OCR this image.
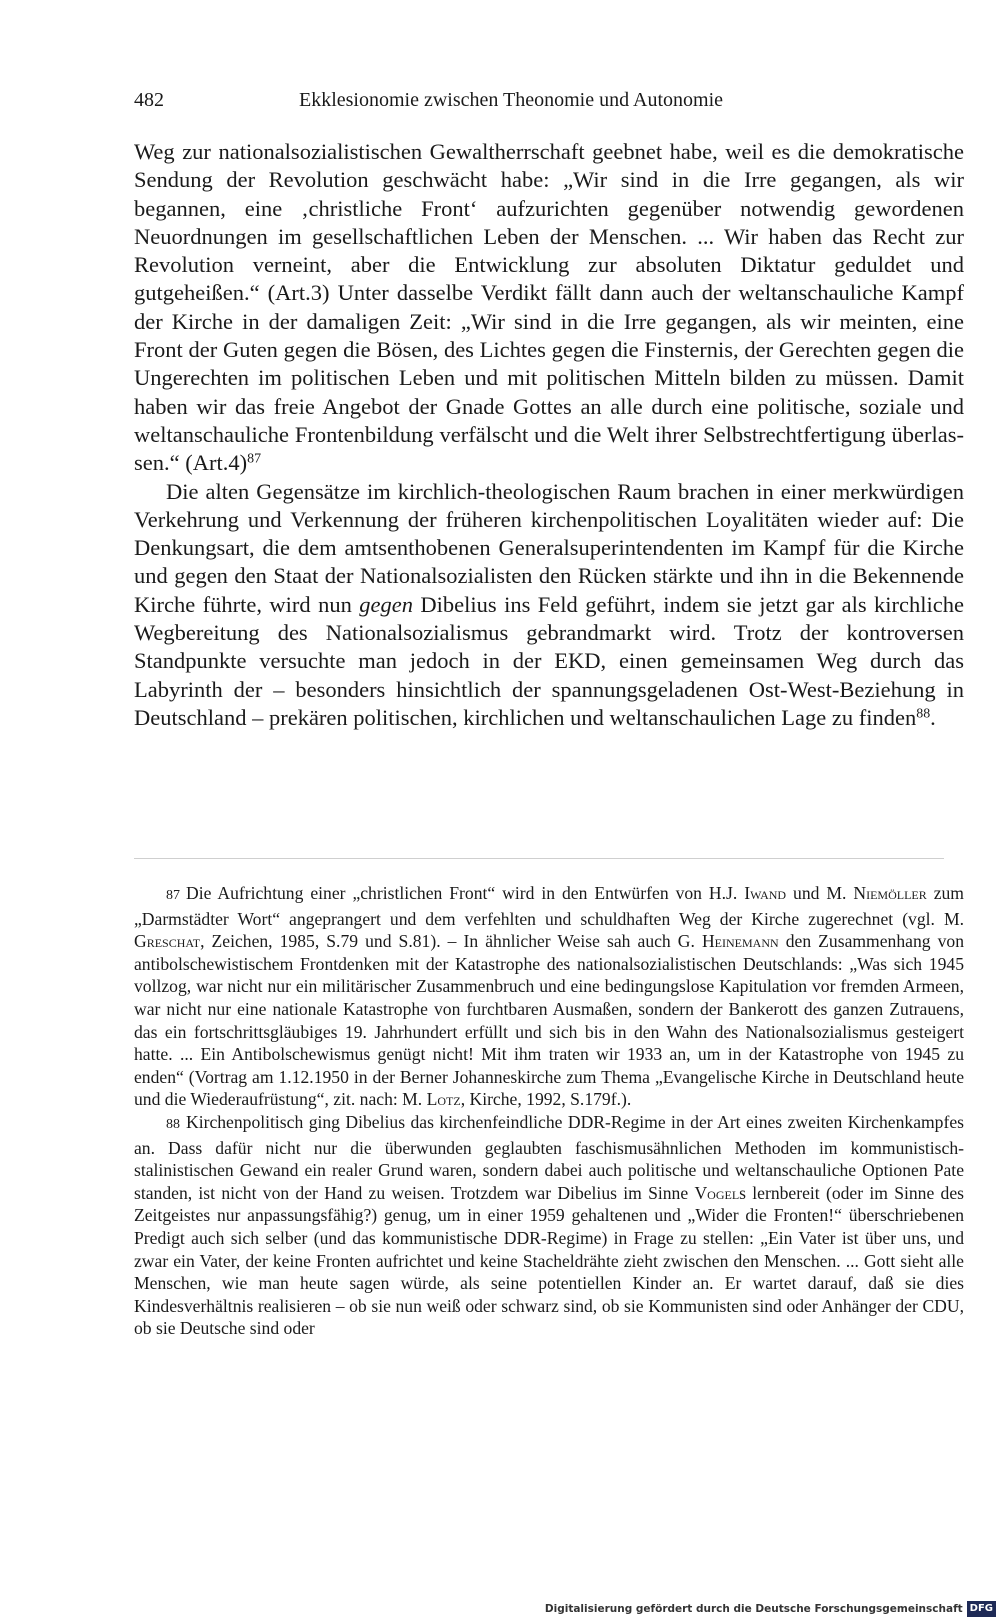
482	Ekklesionomie zwischen Theonomie und Autonomie

Weg zur nationalsozialistischen Gewaltherrschaft geebnet habe, weil es die demokratische Sendung der Revolution geschwächt habe: „Wir sind in die Irre gegangen, als wir begannen, eine ‚christliche Front‘ aufzurichten gegenüber notwendig gewordenen Neuordnungen im gesellschaftlichen Leben der Menschen. ... Wir haben das Recht zur Revolution verneint, aber die Entwicklung zur absoluten Diktatur geduldet und gutgeheißen.“ (Art.3) Unter dasselbe Verdikt fällt dann auch der weltanschauliche Kampf der Kirche in der damaligen Zeit: „Wir sind in die Irre gegangen, als wir meinten, eine Front der Guten gegen die Bösen, des Lichtes gegen die Finsternis, der Gerechten gegen die Ungerechten im politischen Leben und mit politischen Mitteln bilden zu müssen. Damit haben wir das freie Angebot der Gnade Gottes an alle durch eine politische, soziale und weltanschauliche Frontenbildung verfälscht und die Welt ihrer Selbstrechtfertigung überlassen.“ $(Art.4)^{87}$

Die alten Gegensätze im kirchlich-theologischen Raum brachen in einer merkwürdigen Verkehrung und Verkennung der früheren kirchenpolitischen Loyalitäten wieder auf: Die Denkungsart, die dem amtsenthobenen Generalsuperintendenten im Kampf für die Kirche und gegen den Staat der Nationalsozialisten den Rücken stärkte und ihn in die Bekennende Kirche führte, wird nun gegen Dibelius ins Feld geführt, indem sie jetzt gar als kirchliche Wegbereitung des Nationalsozialismus gebrandmarkt wird. Trotz der kontroversen Standpunkte versuchte man jedoch in der EKD, einen gemeinsamen Weg durch das Labyrinth der – besonders hinsichtlich der spannungsgeladenen Ost-West-Beziehung in Deutschland – prekären politischen, kirchlichen und weltanschaulichen Lage zu finden$^{88}$.

87 Die Aufrichtung einer „christlichen Front“ wird in den Entwürfen von H.J. Iwand und M. Niemöller zum „Darmstädter Wort“ angeprangert und dem verfehlten und schuldhaften Weg der Kirche zugerechnet (vgl. M. Greschat, Zeichen, 1985, S.79 und S.81). – In ähnlicher Weise sah auch G. Heinemann den Zusammenhang von antibolschewistischem Frontdenken mit der Katastrophe des nationalsozialistischen Deutschlands: „Was sich 1945 vollzog, war nicht nur ein militärischer Zusammenbruch und eine bedingungslose Kapitulation vor fremden Armeen, war nicht nur eine nationale Katastrophe von furchtbaren Ausmaßen, sondern der Bankerott des ganzen Zutrauens, das ein fortschrittsgläubiges 19. Jahrhundert erfüllt und sich bis in den Wahn des Nationalsozialismus gesteigert hatte. ... Ein Antibolschewismus genügt nicht! Mit ihm traten wir 1933 an, um in der Katastrophe von 1945 zu enden“ (Vortrag am 1.12.1950 in der Berner Johanneskirche zum Thema „Evangelische Kirche in Deutschland heute und die Wiederaufrüstung“, zit. nach: M. Lotz, Kirche, 1992, S.179f.).

88 Kirchenpolitisch ging Dibelius das kirchenfeindliche DDR-Regime in der Art eines zweiten Kirchenkampfes an. Dass dafür nicht nur die überwunden geglaubten faschismusähnlichen Methoden im kommunistisch-stalinistischen Gewand ein realer Grund waren, sondern dabei auch politische und weltanschauliche Optionen Pate standen, ist nicht von der Hand zu weisen. Trotzdem war Dibelius im Sinne Vogels lernbereit (oder im Sinne des Zeitgeistes nur anpassungsfähig?) genug, um in einer 1959 gehaltenen und „Wider die Fronten!“ überschriebenen Predigt auch sich selber (und das kommunistische DDR-Regime) in Frage zu stellen: „Ein Vater ist über uns, und zwar ein Vater, der keine Fronten aufrichtet und keine Stacheldrähte zieht zwischen den Menschen. ... Gott sieht alle Menschen, wie man heute sagen würde, als seine potentiellen Kinder an. Er wartet darauf, daß sie dies Kindesverhältnis realisieren – ob sie nun weiß oder schwarz sind, ob sie Kommunisten sind oder Anhänger der CDU, ob sie Deutsche sind oder

Digitalisierung gefördert durch die Deutsche Forschungsgemeinschaft DFG
